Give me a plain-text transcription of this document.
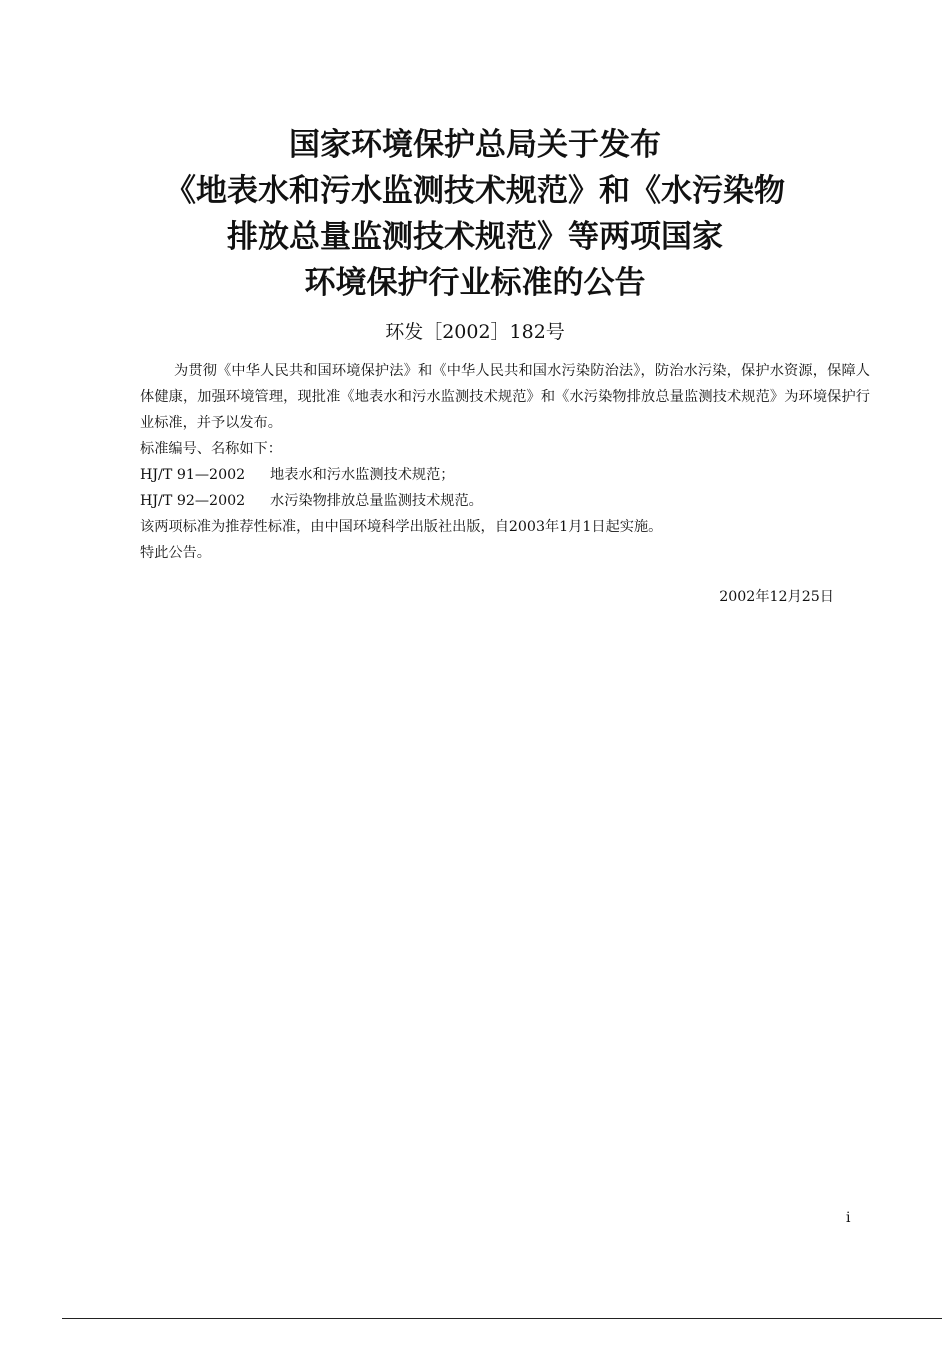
国家环境保护总局关于发布
《地表水和污水监测技术规范》和《水污染物
排放总量监测技术规范》等两项国家
环境保护行业标准的公告
环发［2002］182号

为贯彻《中华人民共和国环境保护法》和《中华人民共和国水污染防治法》，防治水污染，保护水资源，保障人体健康，加强环境管理，现批准《地表水和污水监测技术规范》和《水污染物排放总量监测技术规范》为环境保护行业标准，并予以发布。

标准编号、名称如下：

HJ/T 91—2002 地表水和污水监测技术规范；

HJ/T 92—2002 水污染物排放总量监测技术规范。

该两项标准为推荐性标准，由中国环境科学出版社出版，自2003年1月1日起实施。

特此公告。

2002年12月25日
i
